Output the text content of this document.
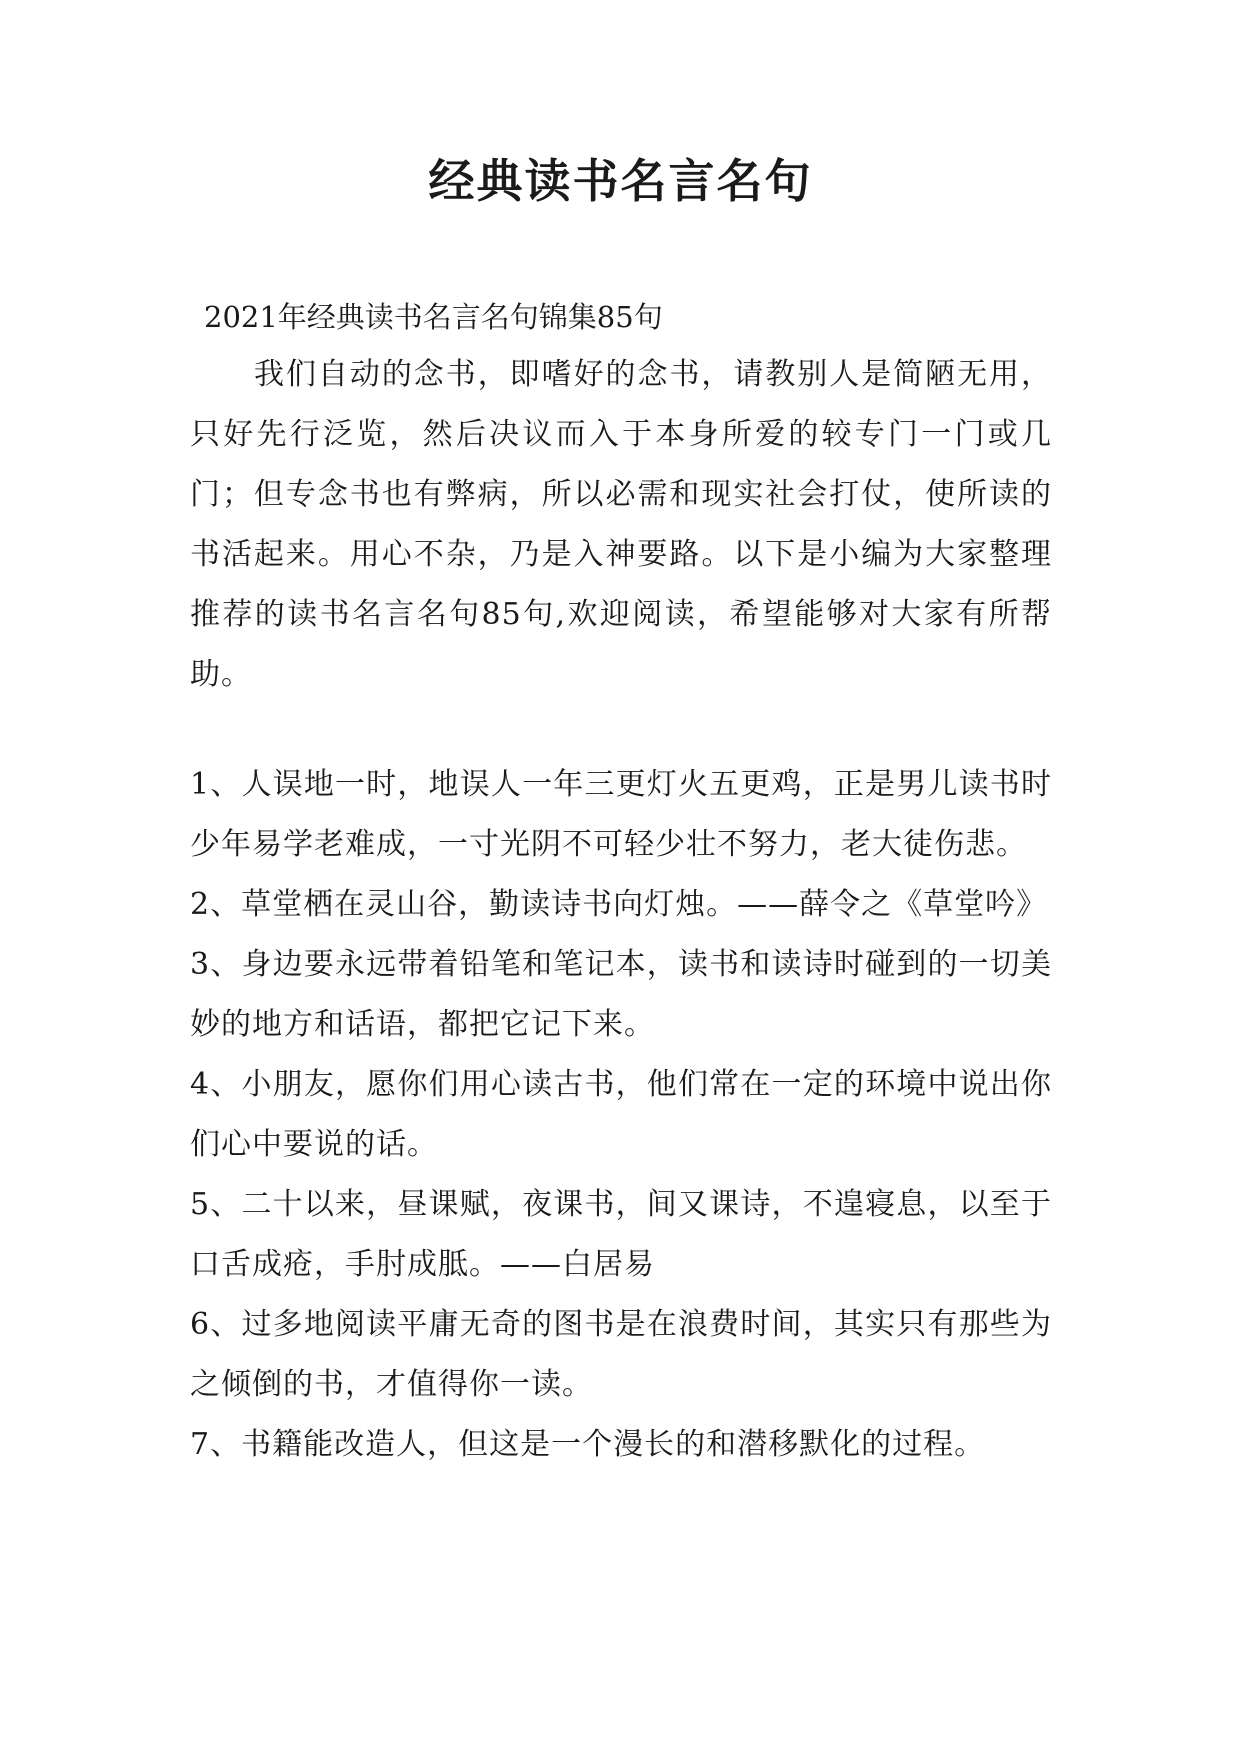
经典读书名言名句

2021年经典读书名言名句锦集85句

我们自动的念书，即嗜好的念书，请教别人是简陋无用，只好先行泛览，然后决议而入于本身所爱的较专门一门或几门；但专念书也有弊病，所以必需和现实社会打仗，使所读的书活起来。用心不杂，乃是入神要路。以下是小编为大家整理推荐的读书名言名句85句,欢迎阅读，希望能够对大家有所帮助。

1、人误地一时，地误人一年三更灯火五更鸡，正是男儿读书时少年易学老难成，一寸光阴不可轻少壮不努力，老大徒伤悲。
2、草堂栖在灵山谷，勤读诗书向灯烛。——薛令之《草堂吟》
3、身边要永远带着铅笔和笔记本，读书和读诗时碰到的一切美妙的地方和话语，都把它记下来。
4、小朋友，愿你们用心读古书，他们常在一定的环境中说出你们心中要说的话。
5、二十以来，昼课赋，夜课书，间又课诗，不遑寝息，以至于口舌成疮，手肘成胝。——白居易
6、过多地阅读平庸无奇的图书是在浪费时间，其实只有那些为之倾倒的书，才值得你一读。
7、书籍能改造人，但这是一个漫长的和潜移默化的过程。
